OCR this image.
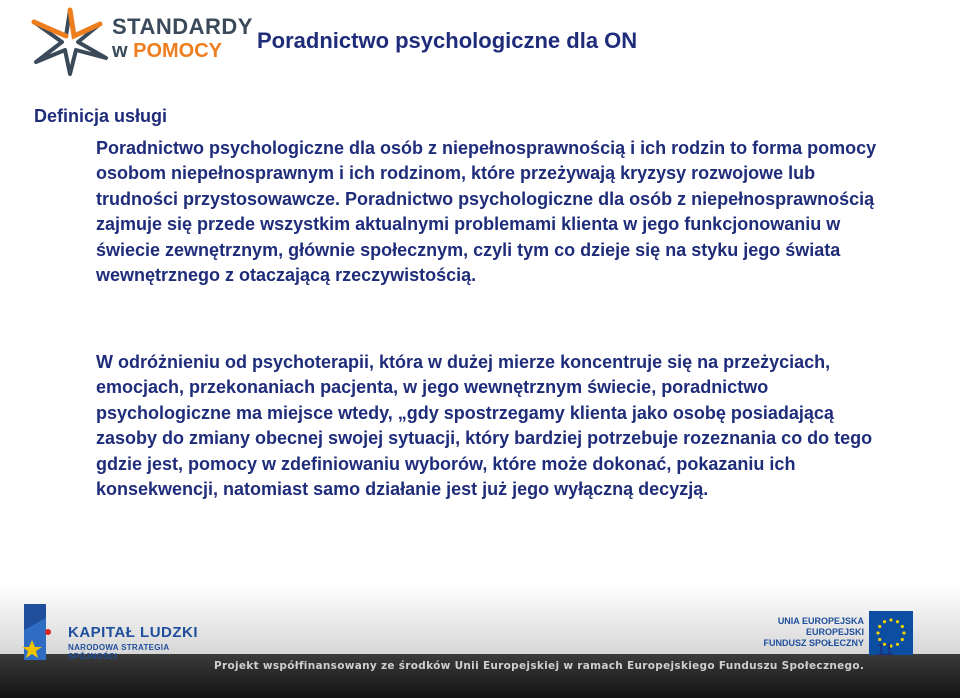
STANDARDY
w POMOCY Poradnictwo psychologiczne dla ON
Definicja usługi
Poradnictwo psychologiczne dla osób z niepełnosprawnością i ich rodzin to forma pomocy osobom niepełnosprawnym i ich rodzinom, które przeżywają kryzysy rozwojowe lub trudności przystosowawcze. Poradnictwo psychologiczne dla osób z niepełnosprawnością zajmuje się przede wszystkim aktualnymi problemami klienta w jego funkcjonowaniu w świecie zewnętrznym, głównie społecznym, czyli tym co dzieje się na styku jego świata wewnętrznego z otaczającą rzeczywistością.
W odróżnieniu od psychoterapii, która w dużej mierze koncentruje się na przeżyciach, emocjach, przekonaniach pacjenta, w jego wewnętrznym świecie, poradnictwo psychologiczne ma miejsce wtedy, „gdy spostrzegamy klienta jako osobę posiadającą zasoby do zmiany obecnej swojej sytuacji, który bardziej potrzebuje rozeznania co do tego gdzie jest, pomocy w zdefiniowaniu wyborów, które może dokonać, pokazaniu ich konsekwencji, natomiast samo działanie jest już jego wyłączną decyzją.
KAPITAŁ LUDZKI
NARODOWA STRATEGIA SPÓJNOŚCI
UNIA EUROPEJSKA
EUROPEJSKI
FUNDUSZ SPOŁECZNY
Projekt współfinansowany ze środków Unii Europejskiej w ramach Europejskiego Funduszu Społecznego.
11
